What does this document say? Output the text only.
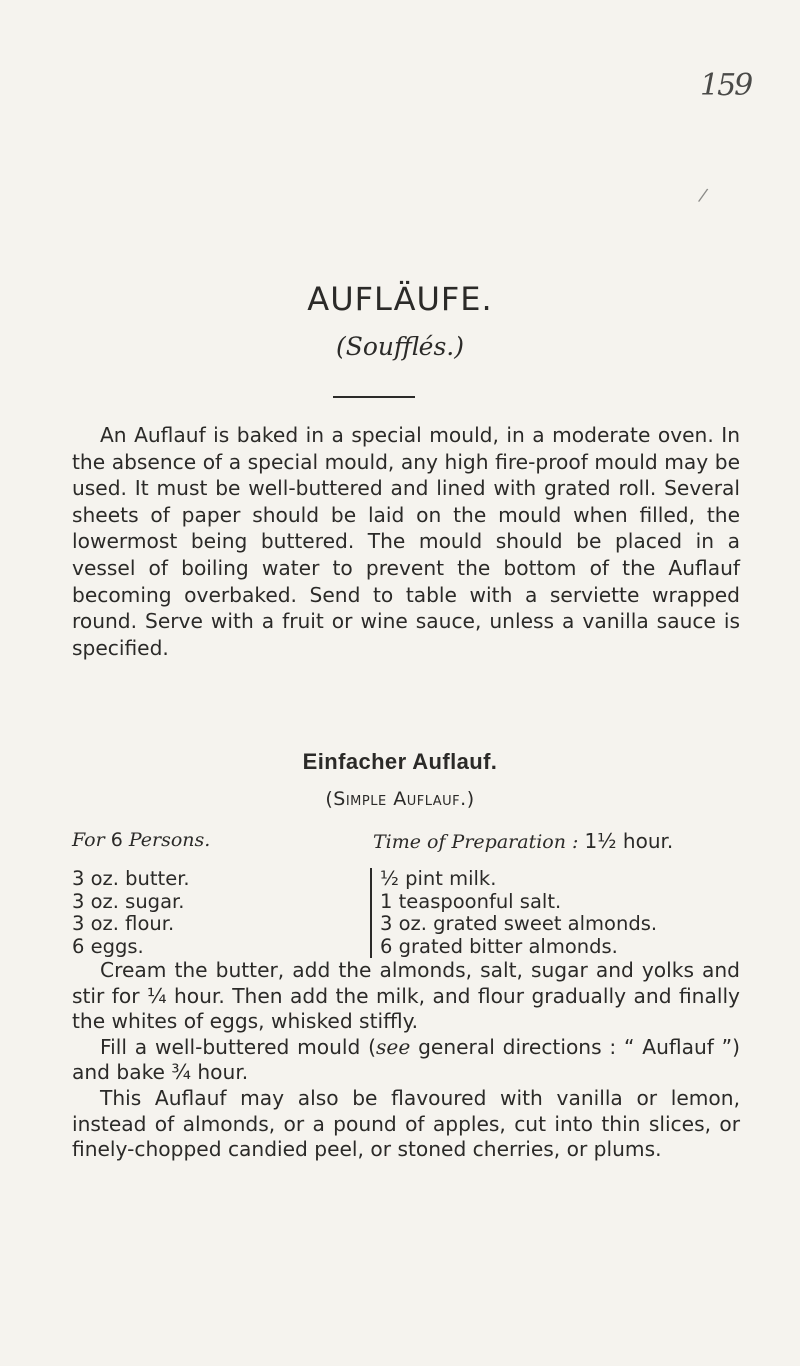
159
/
AUFLÄUFE.
(Soufflés.)
An Auflauf is baked in a special mould, in a moderate oven. In the absence of a special mould, any high fire-proof mould may be used. It must be well-buttered and lined with grated roll. Several sheets of paper should be laid on the mould when filled, the lowermost being buttered. The mould should be placed in a vessel of boiling water to prevent the bottom of the Auflauf becoming overbaked. Send to table with a serviette wrapped round. Serve with a fruit or wine sauce, unless a vanilla sauce is specified.
Einfacher Auflauf.
(Simple Auflauf.)
For 6 Persons.	Time of Preparation : 1½ hour.
3 oz. butter.
3 oz. sugar.
3 oz. flour.
6 eggs.
½ pint milk.
1 teaspoonful salt.
3 oz. grated sweet almonds.
6 grated bitter almonds.

Cream the butter, add the almonds, salt, sugar and yolks and stir for ¼ hour. Then add the milk, and flour gradually and finally the whites of eggs, whisked stiffly.

Fill a well-buttered mould (see general directions : “ Auflauf ”) and bake ¾ hour.

This Auflauf may also be flavoured with vanilla or lemon, instead of almonds, or a pound of apples, cut into thin slices, or finely-chopped candied peel, or stoned cherries, or plums.
